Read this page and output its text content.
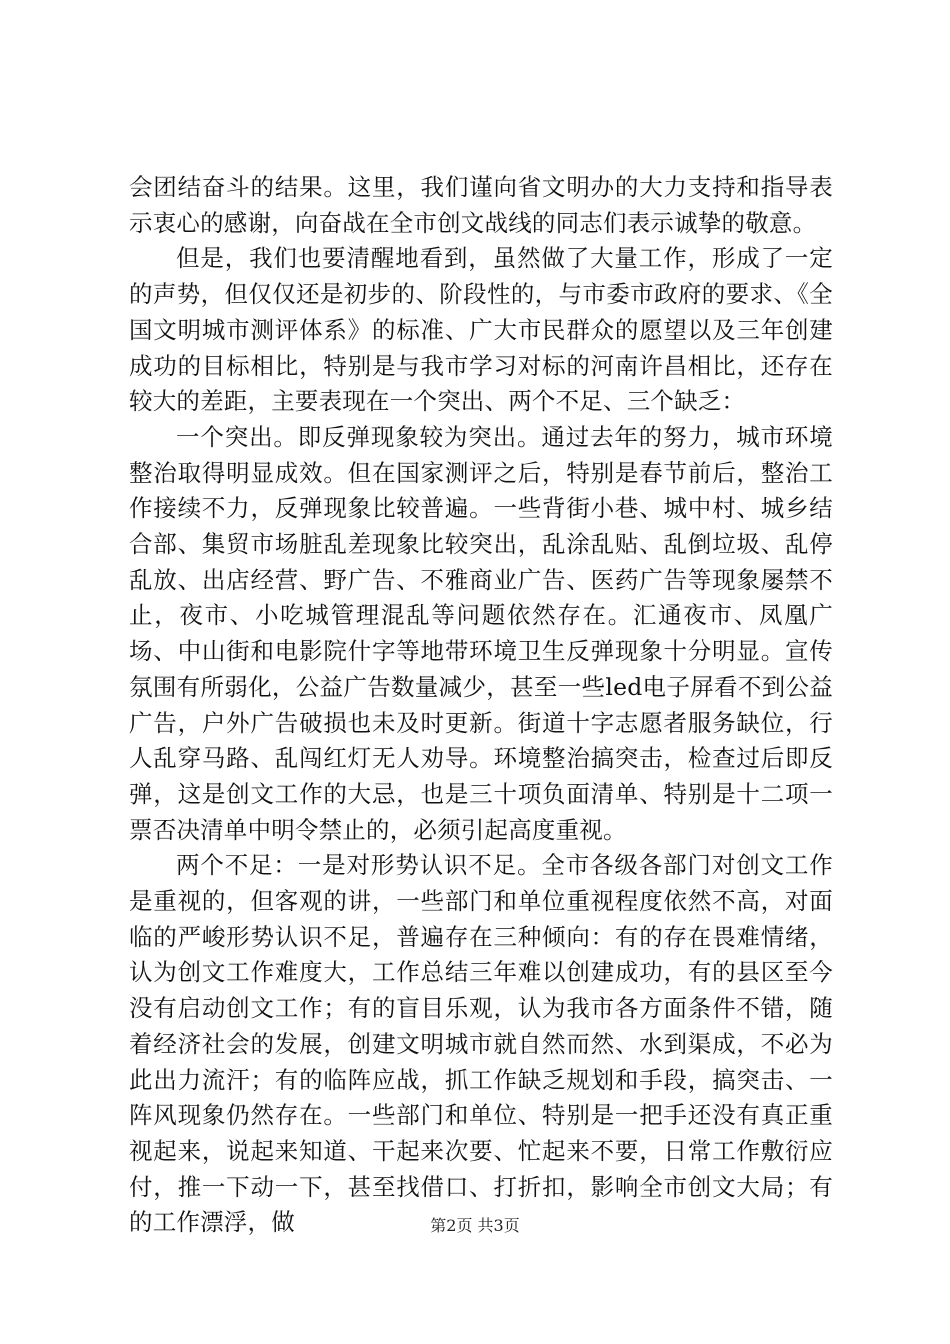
会团结奋斗的结果。这里，我们谨向省文明办的大力支持和指导表示衷心的感谢，向奋战在全市创文战线的同志们表示诚挚的敬意。

但是，我们也要清醒地看到，虽然做了大量工作，形成了一定的声势，但仅仅还是初步的、阶段性的，与市委市政府的要求、《全国文明城市测评体系》的标准、广大市民群众的愿望以及三年创建成功的目标相比，特别是与我市学习对标的河南许昌相比，还存在较大的差距，主要表现在一个突出、两个不足、三个缺乏：

一个突出。即反弹现象较为突出。通过去年的努力，城市环境整治取得明显成效。但在国家测评之后，特别是春节前后，整治工作接续不力，反弹现象比较普遍。一些背街小巷、城中村、城乡结合部、集贸市场脏乱差现象比较突出，乱涂乱贴、乱倒垃圾、乱停乱放、出店经营、野广告、不雅商业广告、医药广告等现象屡禁不止，夜市、小吃城管理混乱等问题依然存在。汇通夜市、凤凰广场、中山街和电影院什字等地带环境卫生反弹现象十分明显。宣传氛围有所弱化，公益广告数量减少，甚至一些led电子屏看不到公益广告，户外广告破损也未及时更新。街道十字志愿者服务缺位，行人乱穿马路、乱闯红灯无人劝导。环境整治搞突击，检查过后即反弹，这是创文工作的大忌，也是三十项负面清单、特别是十二项一票否决清单中明令禁止的，必须引起高度重视。

两个不足：一是对形势认识不足。全市各级各部门对创文工作是重视的，但客观的讲，一些部门和单位重视程度依然不高，对面临的严峻形势认识不足，普遍存在三种倾向：有的存在畏难情绪，认为创文工作难度大，工作总结三年难以创建成功，有的县区至今没有启动创文工作；有的盲目乐观，认为我市各方面条件不错，随着经济社会的发展，创建文明城市就自然而然、水到渠成，不必为此出力流汗；有的临阵应战，抓工作缺乏规划和手段，搞突击、一阵风现象仍然存在。一些部门和单位、特别是一把手还没有真正重视起来，说起来知道、干起来次要、忙起来不要，日常工作敷衍应付，推一下动一下，甚至找借口、打折扣，影响全市创文大局；有的工作漂浮，做	第2页 共3页
